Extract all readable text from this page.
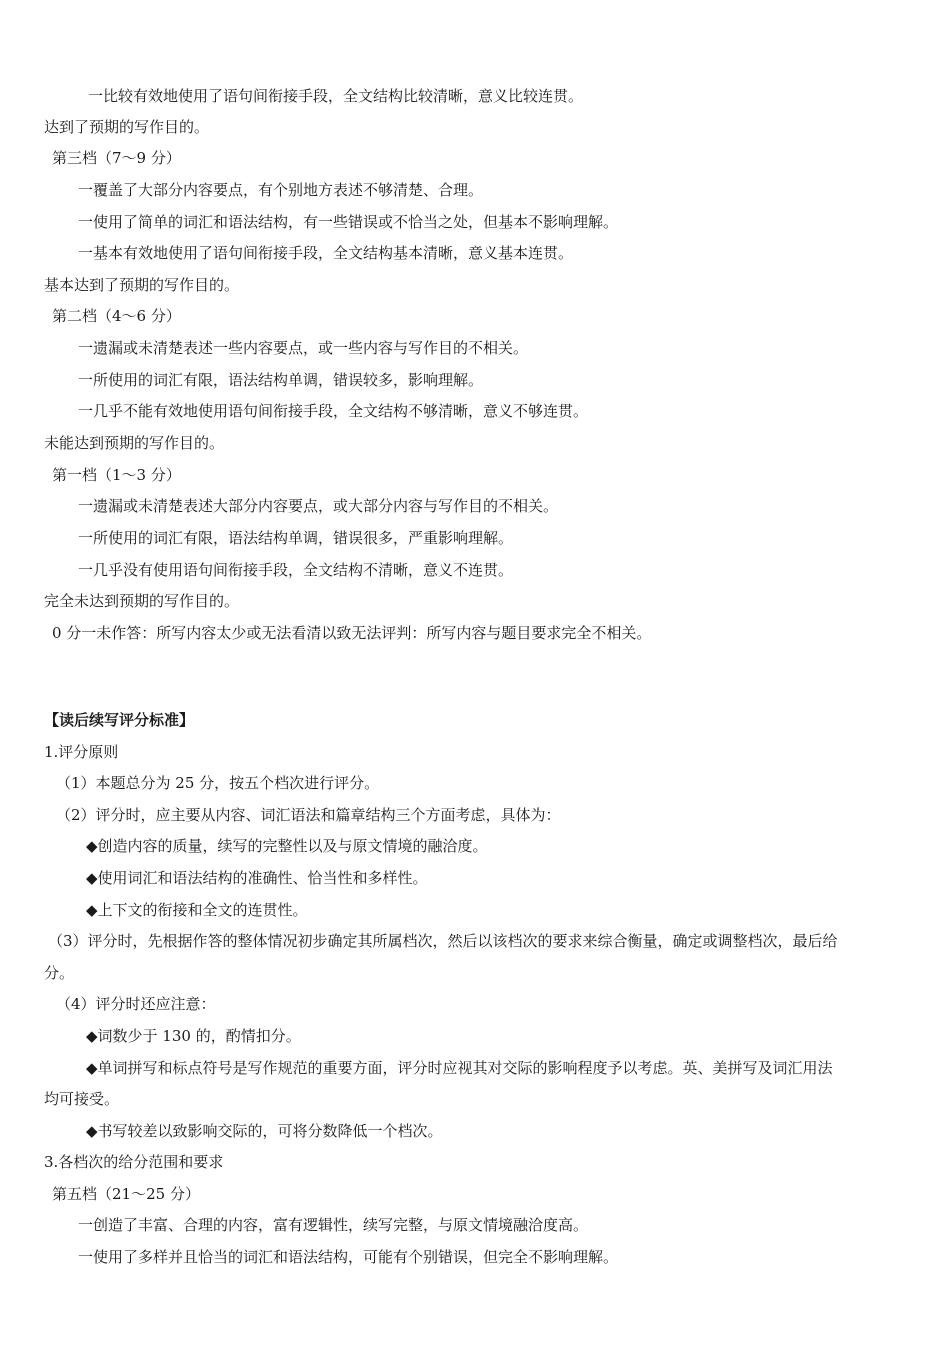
一比较有效地使用了语句间衔接手段，全文结构比较清晰，意义比较连贯。
达到了预期的写作目的。
第三档（7～9 分）
一覆盖了大部分内容要点，有个别地方表述不够清楚、合理。
一使用了简单的词汇和语法结构，有一些错误或不恰当之处，但基本不影响理解。
一基本有效地使用了语句间衔接手段，全文结构基本清晰，意义基本连贯。
基本达到了预期的写作目的。
第二档（4～6 分）
一遗漏或未清楚表述一些内容要点，或一些内容与写作目的不相关。
一所使用的词汇有限，语法结构单调，错误较多，影响理解。
一几乎不能有效地使用语句间衔接手段，全文结构不够清晰，意义不够连贯。
未能达到预期的写作目的。
第一档（1～3 分）
一遗漏或未清楚表述大部分内容要点，或大部分内容与写作目的不相关。
一所使用的词汇有限，语法结构单调，错误很多，严重影响理解。
一几乎没有使用语句间衔接手段，全文结构不清晰，意义不连贯。
完全未达到预期的写作目的。
0 分一未作答：所写内容太少或无法看清以致无法评判：所写内容与题目要求完全不相关。
【读后续写评分标准】
1.评分原则
（1）本题总分为 25 分，按五个档次进行评分。
（2）评分时，应主要从内容、词汇语法和篇章结构三个方面考虑，具体为：
◆创造内容的质量，续写的完整性以及与原文情境的融洽度。
◆使用词汇和语法结构的准确性、恰当性和多样性。
◆上下文的衔接和全文的连贯性。
（3）评分时，先根据作答的整体情况初步确定其所属档次，然后以该档次的要求来综合衡量，确定或调整档次，最后给
分。
（4）评分时还应注意：
◆词数少于 130 的，酌情扣分。
◆单词拼写和标点符号是写作规范的重要方面，评分时应视其对交际的影响程度予以考虑。英、美拼写及词汇用法
均可接受。
◆书写较差以致影响交际的，可将分数降低一个档次。
3.各档次的给分范围和要求
第五档（21～25 分）
一创造了丰富、合理的内容，富有逻辑性，续写完整，与原文情境融洽度高。
一使用了多样并且恰当的词汇和语法结构，可能有个别错误，但完全不影响理解。
